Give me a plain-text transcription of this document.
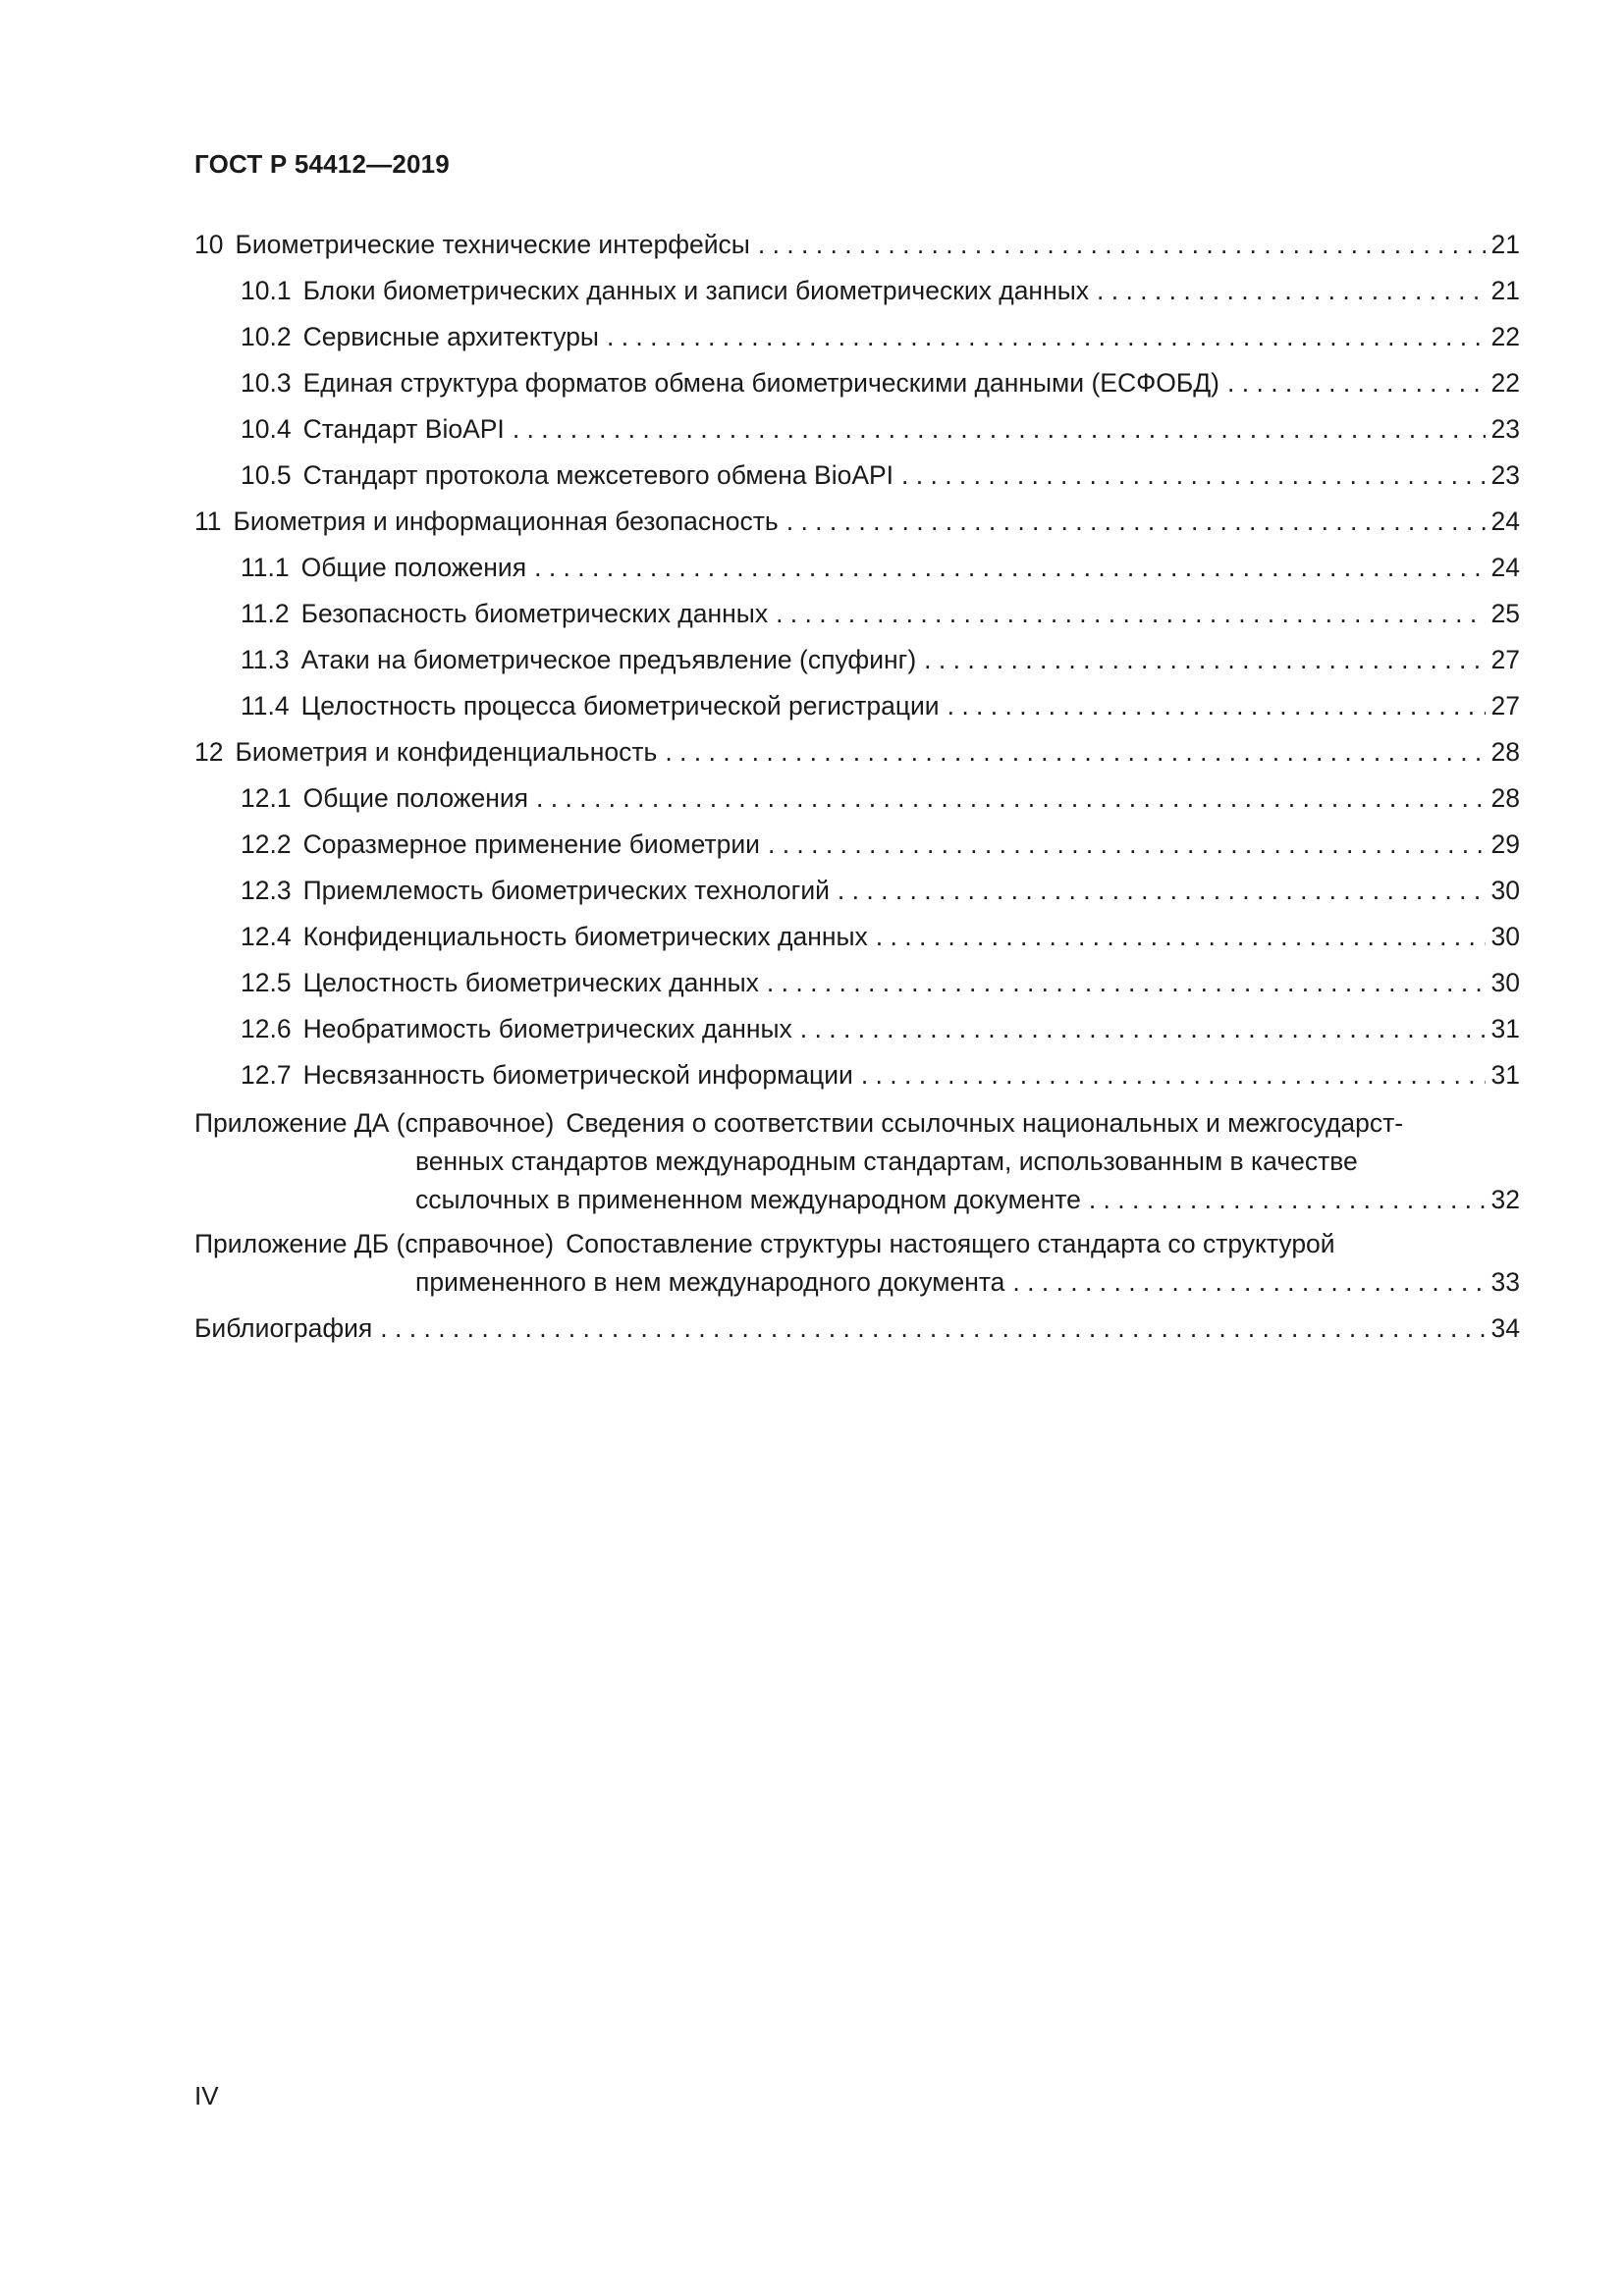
ГОСТ Р 54412—2019
10 Биометрические технические интерфейсы . . .	21
10.1 Блоки биометрических данных и записи биометрических данных . . .	21
10.2 Сервисные архитектуры . . .	22
10.3 Единая структура форматов обмена биометрическими данными (ЕСФОБД) . . .	22
10.4 Стандарт BioAPI . . .	23
10.5 Стандарт протокола межсетевого обмена BioAPI . . .	23
11 Биометрия и информационная безопасность . . .	24
11.1 Общие положения . . .	24
11.2 Безопасность биометрических данных . . .	25
11.3 Атаки на биометрическое предъявление (спуфинг) . . .	27
11.4 Целостность процесса биометрической регистрации . . .	27
12 Биометрия и конфиденциальность . . .	28
12.1 Общие положения . . .	28
12.2 Соразмерное применение биометрии . . .	29
12.3 Приемлемость биометрических технологий . . .	30
12.4 Конфиденциальность биометрических данных . . .	30
12.5 Целостность биометрических данных . . .	30
12.6 Необратимость биометрических данных . . .	31
12.7 Несвязанность биометрической информации . . .	31
Приложение ДА (справочное) Сведения о соответствии ссылочных национальных и межгосударст-
венных стандартов международным стандартам, использованным в качестве
ссылочных в примененном международном документе . . .	32
Приложение ДБ (справочное) Сопоставление структуры настоящего стандарта со структурой
примененного в нем международного документа . . .	33
Библиография . . .	34
IV
